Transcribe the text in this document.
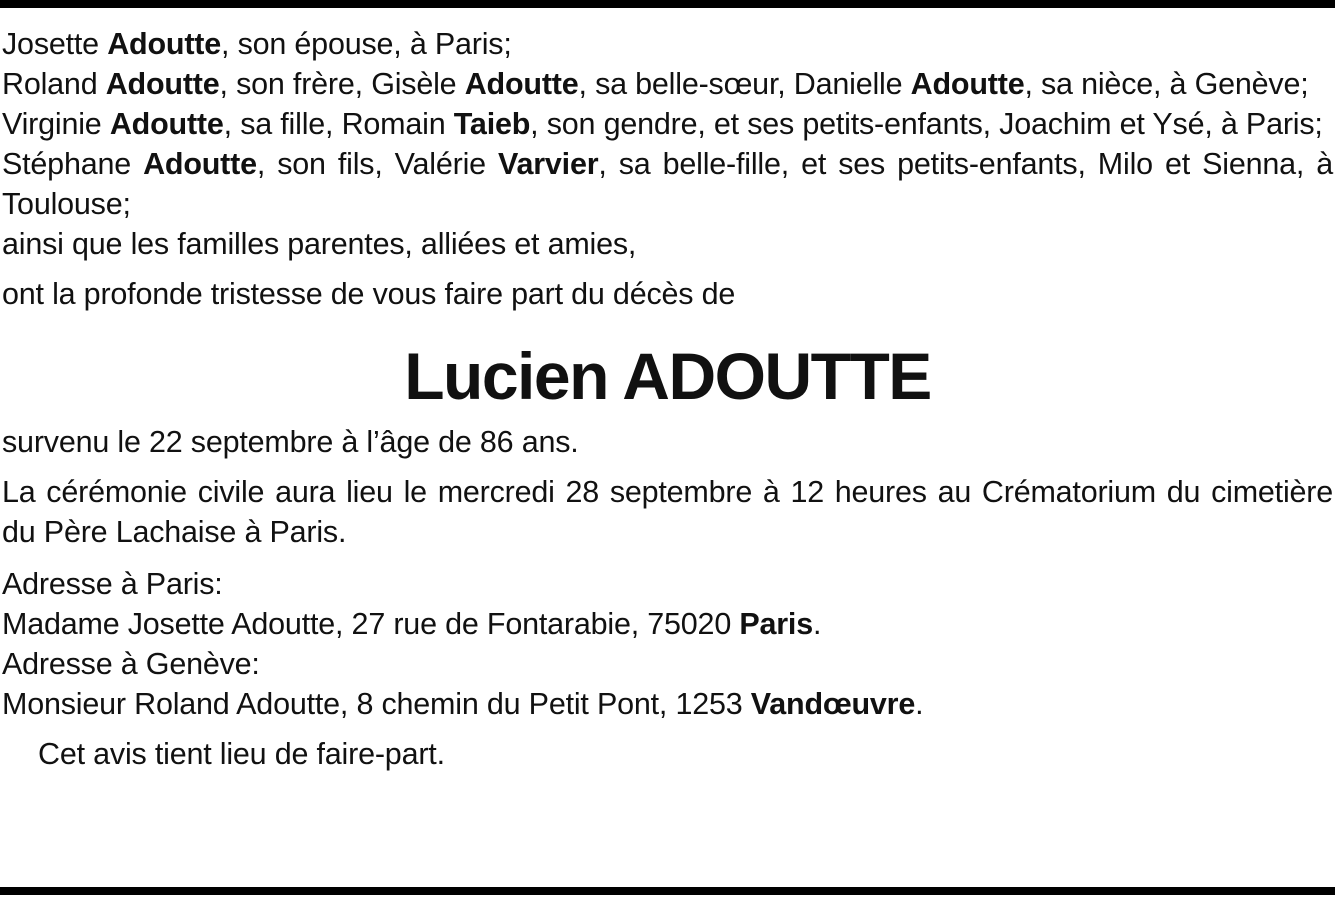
Josette Adoutte, son épouse, à Paris;

Roland Adoutte, son frère, Gisèle Adoutte, sa belle-sœur, Danielle Adoutte, sa nièce, à Genève;

Virginie Adoutte, sa fille, Romain Taieb, son gendre, et ses petits-enfants, Joachim et Ysé, à Paris;

Stéphane Adoutte, son fils, Valérie Varvier, sa belle-fille, et ses petits-enfants, Milo et Sienna, à Toulouse;

ainsi que les familles parentes, alliées et amies,

ont la profonde tristesse de vous faire part du décès de

Lucien ADOUTTE

survenu le 22 septembre à l’âge de 86 ans.

La cérémonie civile aura lieu le mercredi 28 septembre à 12 heures au Crématorium du cimetière du Père Lachaise à Paris.

Adresse à Paris:

Madame Josette Adoutte, 27 rue de Fontarabie, 75020 Paris.

Adresse à Genève:

Monsieur Roland Adoutte, 8 chemin du Petit Pont, 1253 Vandœuvre.

Cet avis tient lieu de faire-part.
